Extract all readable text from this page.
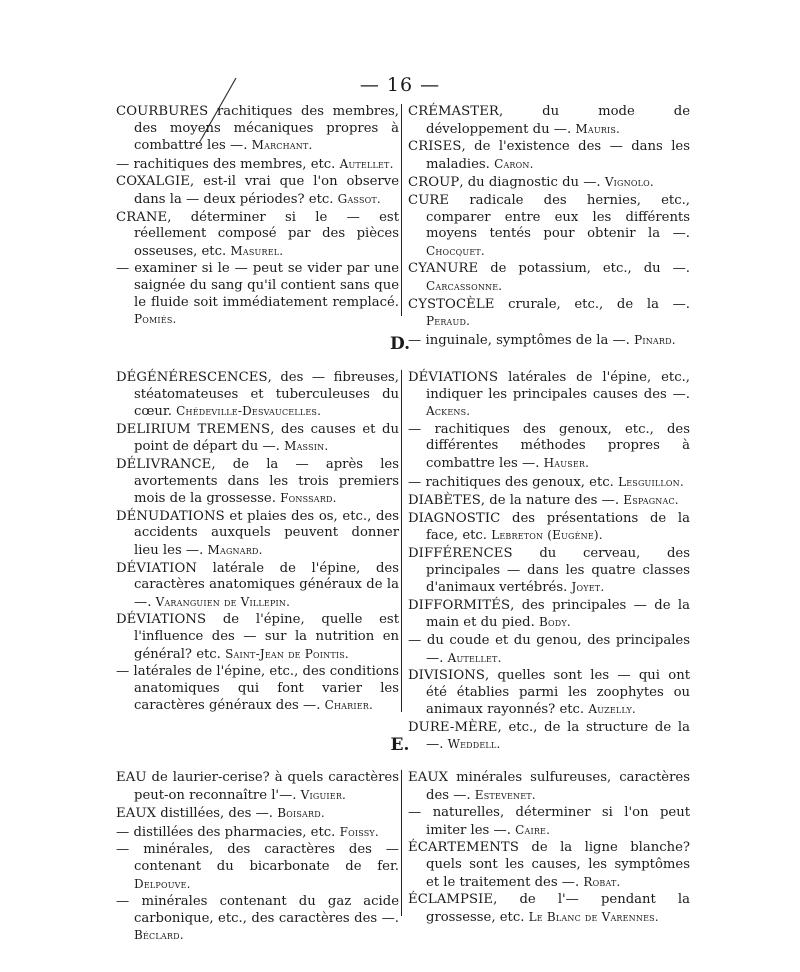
— 16 —
COURBURES rachitiques des membres, des moyens mécaniques propres à combattre les —. Marchant.
— rachitiques des membres, etc. Autellet.
COXALGIE, est-il vrai que l'on observe dans la — deux périodes? etc. Gassot.
CRANE, déterminer si le — est réellement composé par des pièces osseuses, etc. Masurel.
— examiner si le — peut se vider par une saignée du sang qu'il contient sans que le fluide soit immédiatement remplacé. Pomiés.
CRÉMASTER, du mode de développement du —. Mauris.
CRISES, de l'existence des — dans les maladies. Caron.
CROUP, du diagnostic du —. Vignolo.
CURE radicale des hernies, etc., comparer entre eux les différents moyens tentés pour obtenir la —. Chocquet.
CYANURE de potassium, etc., du —. Carcassonne.
CYSTOCÈLE crurale, etc., de la —. Peraud.
— inguinale, symptômes de la —. Pinard.
D.
DÉGÉNÉRESCENCES, des — fibreuses, stéatomateuses et tuberculeuses du cœur. Chédeville-Desvaucelles.
DELIRIUM TREMENS, des causes et du point de départ du —. Massin.
DÉLIVRANCE, de la — après les avortements dans les trois premiers mois de la grossesse. Fonssard.
DÉNUDATIONS et plaies des os, etc., des accidents auxquels peuvent donner lieu les —. Magnard.
DÉVIATION latérale de l'épine, des caractères anatomiques généraux de la —. Varanguien de Villepin.
DÉVIATIONS de l'épine, quelle est l'influence des — sur la nutrition en général? etc. Saint-Jean de Pointis.
— latérales de l'épine, etc., des conditions anatomiques qui font varier les caractères généraux des —. Charier.
DÉVIATIONS latérales de l'épine, etc., indiquer les principales causes des —. Ackens.
— rachitiques des genoux, etc., des différentes méthodes propres à combattre les —. Hauser.
— rachitiques des genoux, etc. Lesguillon.
DIABÈTES, de la nature des —. Espagnac.
DIAGNOSTIC des présentations de la face, etc. Lebreton (Eugène).
DIFFÉRENCES du cerveau, des principales — dans les quatre classes d'animaux vertébrés. Joyet.
DIFFORMITÉS, des principales — de la main et du pied. Body.
— du coude et du genou, des principales —. Autellet.
DIVISIONS, quelles sont les — qui ont été établies parmi les zoophytes ou animaux rayonnés? etc. Auzelly.
DURE-MÈRE, etc., de la structure de la —. Weddell.
E.
EAU de laurier-cerise? à quels caractères peut-on reconnaître l'—. Viguier.
EAUX distillées, des —. Boisard.
— distillées des pharmacies, etc. Foissy.
— minérales, des caractères des — contenant du bicarbonate de fer. Delpouve.
— minérales contenant du gaz acide carbonique, etc., des caractères des —. Béclard.
EAUX minérales sulfureuses, caractères des —. Estevenet.
— naturelles, déterminer si l'on peut imiter les —. Caire.
ÉCARTEMENTS de la ligne blanche? quels sont les causes, les symptômes et le traitement des —. Robat.
ÉCLAMPSIE, de l'— pendant la grossesse, etc. Le Blanc de Varennes.
